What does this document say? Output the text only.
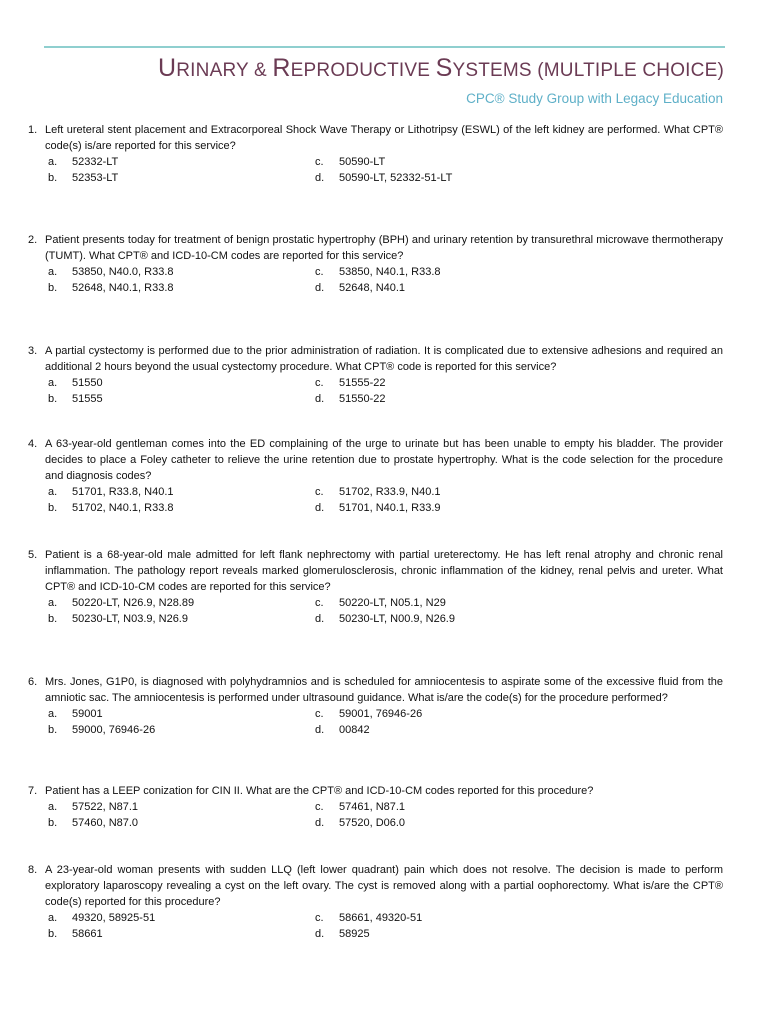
URINARY & REPRODUCTIVE SYSTEMS (MULTIPLE CHOICE)
CPC® Study Group with Legacy Education
1. Left ureteral stent placement and Extracorporeal Shock Wave Therapy or Lithotripsy (ESWL) of the left kidney are performed. What CPT® code(s) is/are reported for this service?
a.	52332-LT	c.	50590-LT
b.	52353-LT	d.	50590-LT, 52332-51-LT
2. Patient presents today for treatment of benign prostatic hypertrophy (BPH) and urinary retention by transurethral microwave thermotherapy (TUMT). What CPT® and ICD-10-CM codes are reported for this service?
a.	53850, N40.0, R33.8	c.	53850, N40.1, R33.8
b.	52648, N40.1, R33.8	d.	52648, N40.1
3. A partial cystectomy is performed due to the prior administration of radiation. It is complicated due to extensive adhesions and required an additional 2 hours beyond the usual cystectomy procedure. What CPT® code is reported for this service?
a.	51550	c.	51555-22
b.	51555	d.	51550-22
4. A 63-year-old gentleman comes into the ED complaining of the urge to urinate but has been unable to empty his bladder. The provider decides to place a Foley catheter to relieve the urine retention due to prostate hypertrophy. What is the code selection for the procedure and diagnosis codes?
a.	51701, R33.8, N40.1	c.	51702, R33.9, N40.1
b.	51702, N40.1, R33.8	d.	51701, N40.1, R33.9
5. Patient is a 68-year-old male admitted for left flank nephrectomy with partial ureterectomy. He has left renal atrophy and chronic renal inflammation. The pathology report reveals marked glomerulosclerosis, chronic inflammation of the kidney, renal pelvis and ureter. What CPT® and ICD-10-CM codes are reported for this service?
a.	50220-LT, N26.9, N28.89	c.	50220-LT, N05.1, N29
b.	50230-LT, N03.9, N26.9	d.	50230-LT, N00.9, N26.9
6. Mrs. Jones, G1P0, is diagnosed with polyhydramnios and is scheduled for amniocentesis to aspirate some of the excessive fluid from the amniotic sac. The amniocentesis is performed under ultrasound guidance. What is/are the code(s) for the procedure performed?
a.	59001	c.	59001, 76946-26
b.	59000, 76946-26	d.	00842
7. Patient has a LEEP conization for CIN II. What are the CPT® and ICD-10-CM codes reported for this procedure?
a.	57522, N87.1	c.	57461, N87.1
b.	57460, N87.0	d.	57520, D06.0
8. A 23-year-old woman presents with sudden LLQ (left lower quadrant) pain which does not resolve. The decision is made to perform exploratory laparoscopy revealing a cyst on the left ovary. The cyst is removed along with a partial oophorectomy. What is/are the CPT® code(s) reported for this procedure?
a.	49320, 58925-51	c.	58661, 49320-51
b.	58661	d.	58925
